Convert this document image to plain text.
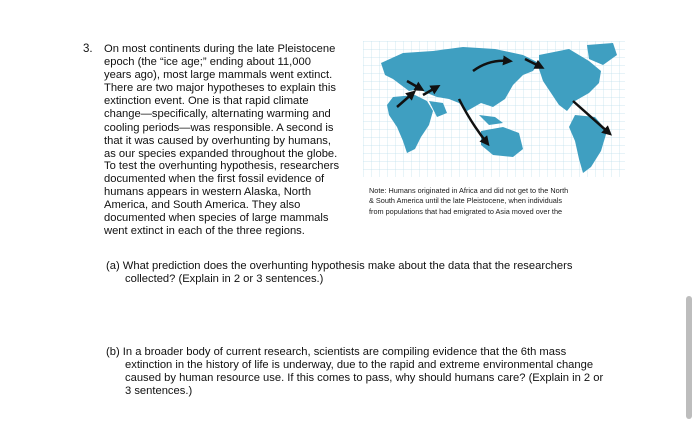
3. On most continents during the late Pleistocene
epoch (the “ice age;” ending about 11,000
years ago), most large mammals went extinct.
There are two major hypotheses to explain this
extinction event. One is that rapid climate
change—specifically, alternating warming and
cooling periods—was responsible. A second is
that it was caused by overhunting by humans,
as our species expanded throughout the globe.
To test the overhunting hypothesis, researchers
documented when the first fossil evidence of
humans appears in western Alaska, North
America, and South America. They also
documented when species of large mammals
went extinct in each of the three regions.
Note: Humans originated in Africa and did not get to the North
& South America until the late Pleistocene, when individuals
from populations that had emigrated to Asia moved over the
(a) What prediction does the overhunting hypothesis make about the data that the researchers
collected? (Explain in 2 or 3 sentences.)
(b) In a broader body of current research, scientists are compiling evidence that the 6th mass
extinction in the history of life is underway, due to the rapid and extreme environmental change
caused by human resource use. If this comes to pass, why should humans care? (Explain in 2 or
3 sentences.)
